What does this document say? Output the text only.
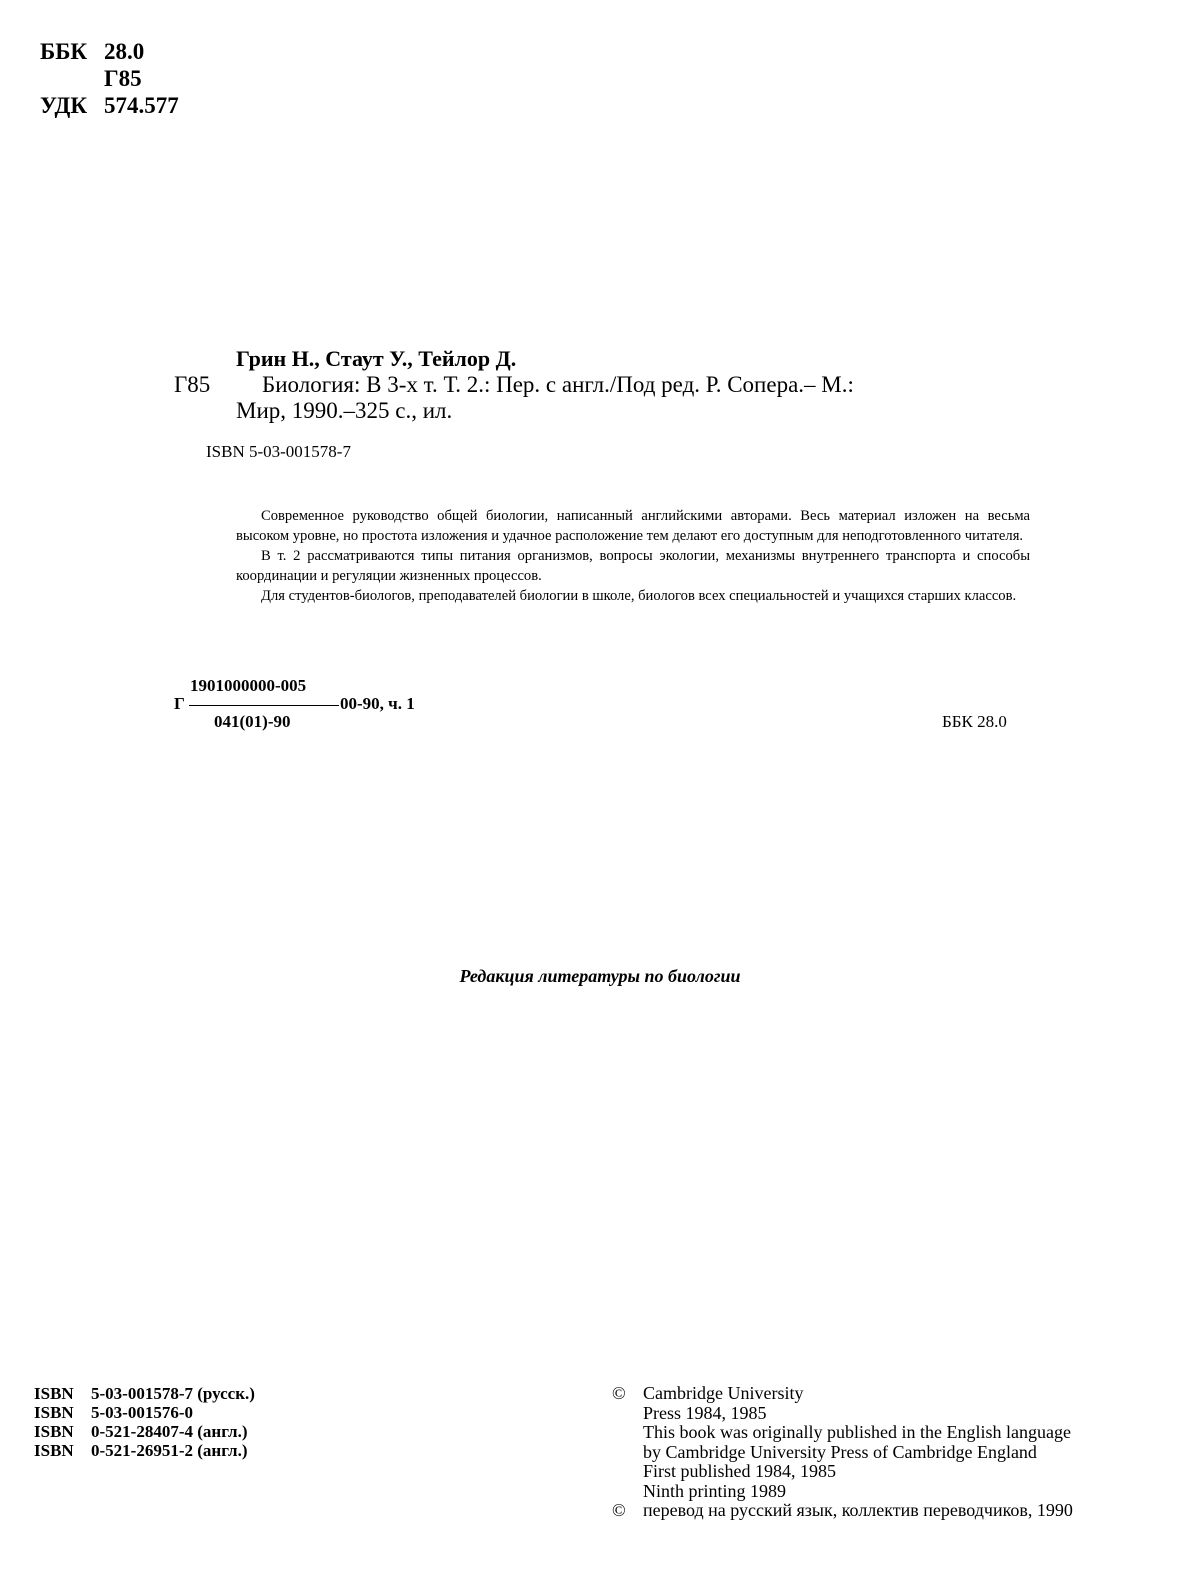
ББК 28.0
Г85
УДК 574.577
Грин Н., Стаут У., Тейлор Д.
Г85 Биология: В 3-х т. Т. 2.: Пер. с англ./Под ред. Р. Сопера.– М.:
Мир, 1990.–325 с., ил.
ISBN 5-03-001578-7

Современное руководство общей биологии, написанный английскими авторами. Весь материал изложен на весьма высоком уровне, но простота изложения и удачное расположение тем делают его доступным для неподготовленного читателя.

В т. 2 рассматриваются типы питания организмов, вопросы экологии, механизмы внутреннего транспорта и способы координации и регуляции жизненных процессов.

Для студентов-биологов, преподавателей биологии в школе, биологов всех специальностей и учащихся старших классов.

1901000000-005
Г	00-90, ч. 1
041(01)-90	ББК 28.0
Редакция литературы по биологии
ISBN 5-03-001578-7 (русск.)
ISBN 5-03-001576-0
ISBN 0-521-28407-4 (англ.)
ISBN 0-521-26951-2 (англ.)
© Cambridge University
Press 1984, 1985
This book was originally published in the English language
by Cambridge University Press of Cambridge England
First published 1984, 1985
Ninth printing 1989
© перевод на русский язык, коллектив переводчиков, 1990
